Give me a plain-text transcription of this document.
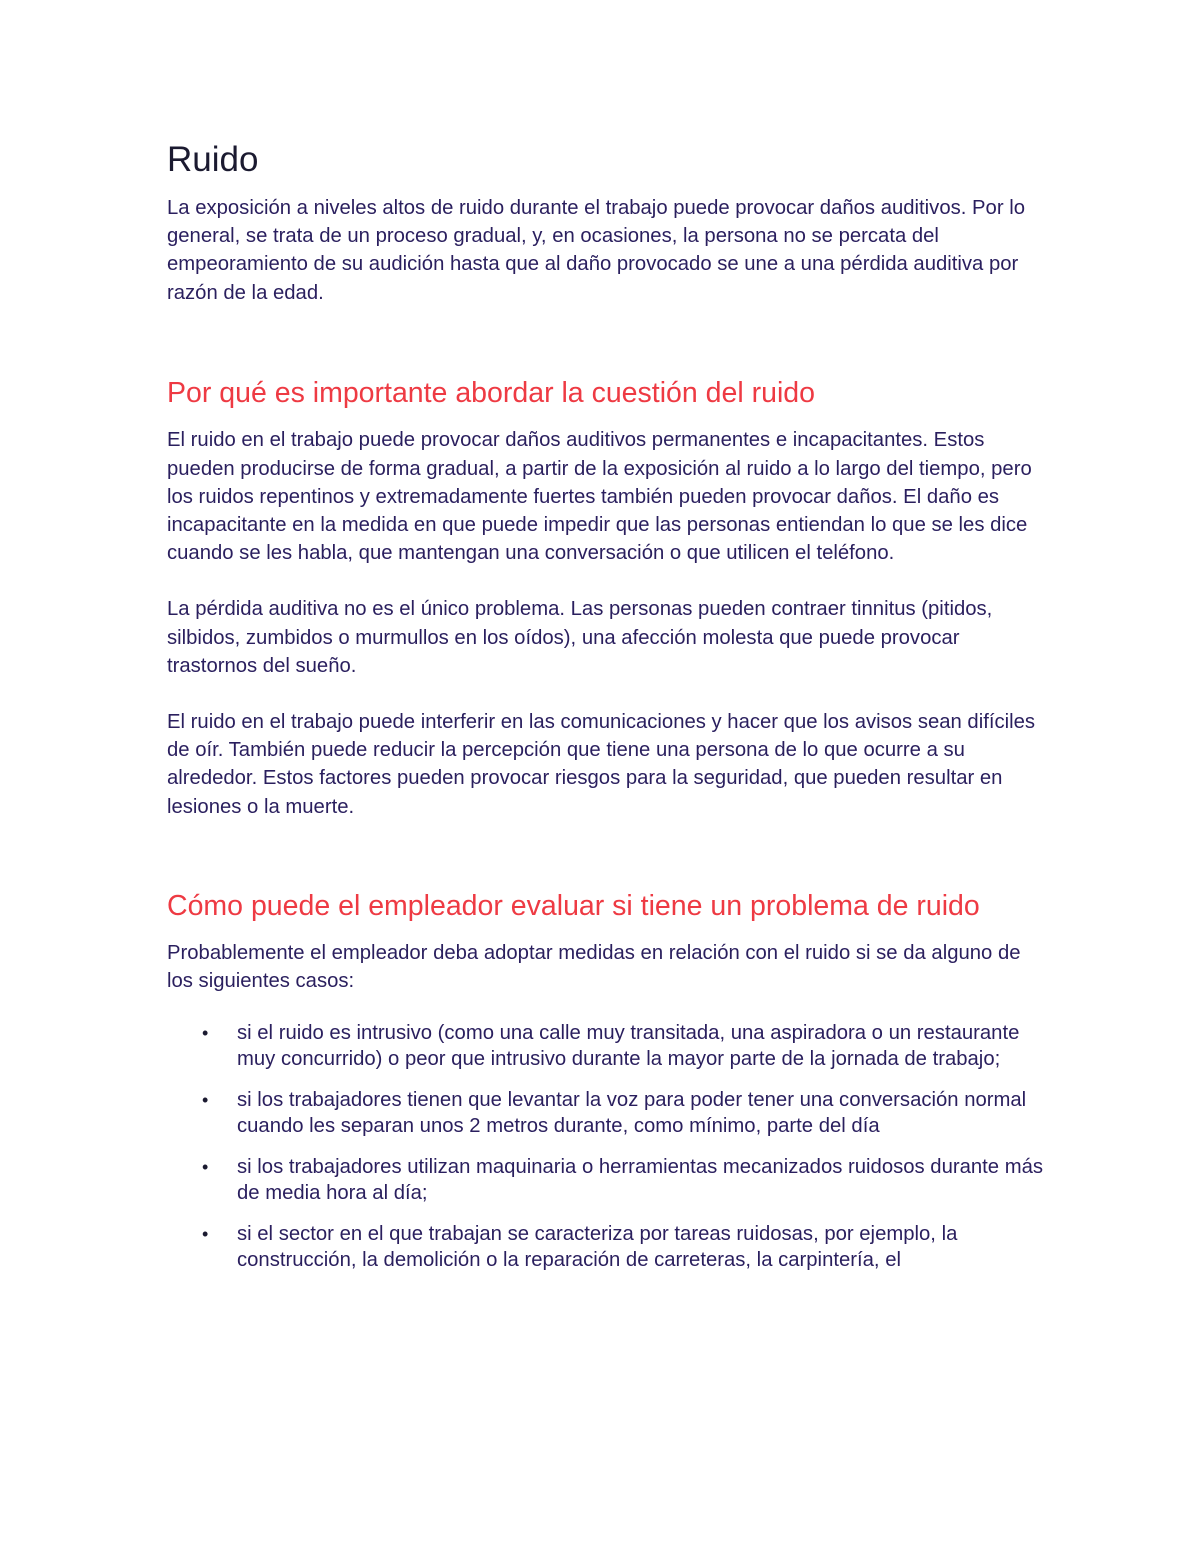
Ruido

La exposición a niveles altos de ruido durante el trabajo puede provocar daños auditivos. Por lo general, se trata de un proceso gradual, y, en ocasiones, la persona no se percata del empeoramiento de su audición hasta que al daño provocado se une a una pérdida auditiva por razón de la edad.

Por qué es importante abordar la cuestión del ruido

El ruido en el trabajo puede provocar daños auditivos permanentes e incapacitantes. Estos pueden producirse de forma gradual, a partir de la exposición al ruido a lo largo del tiempo, pero los ruidos repentinos y extremadamente fuertes también pueden provocar daños. El daño es incapacitante en la medida en que puede impedir que las personas entiendan lo que se les dice cuando se les habla, que mantengan una conversación o que utilicen el teléfono.

La pérdida auditiva no es el único problema. Las personas pueden contraer tinnitus (pitidos, silbidos, zumbidos o murmullos en los oídos), una afección molesta que puede provocar trastornos del sueño.

El ruido en el trabajo puede interferir en las comunicaciones y hacer que los avisos sean difíciles de oír. También puede reducir la percepción que tiene una persona de lo que ocurre a su alrededor. Estos factores pueden provocar riesgos para la seguridad, que pueden resultar en lesiones o la muerte.

Cómo puede el empleador evaluar si tiene un problema de ruido

Probablemente el empleador deba adoptar medidas en relación con el ruido si se da alguno de los siguientes casos:

• si el ruido es intrusivo (como una calle muy transitada, una aspiradora o un restaurante muy concurrido) o peor que intrusivo durante la mayor parte de la jornada de trabajo;
• si los trabajadores tienen que levantar la voz para poder tener una conversación normal cuando les separan unos 2 metros durante, como mínimo, parte del día
• si los trabajadores utilizan maquinaria o herramientas mecanizados ruidosos durante más de media hora al día;
• si el sector en el que trabajan se caracteriza por tareas ruidosas, por ejemplo, la construcción, la demolición o la reparación de carreteras, la carpintería, el
